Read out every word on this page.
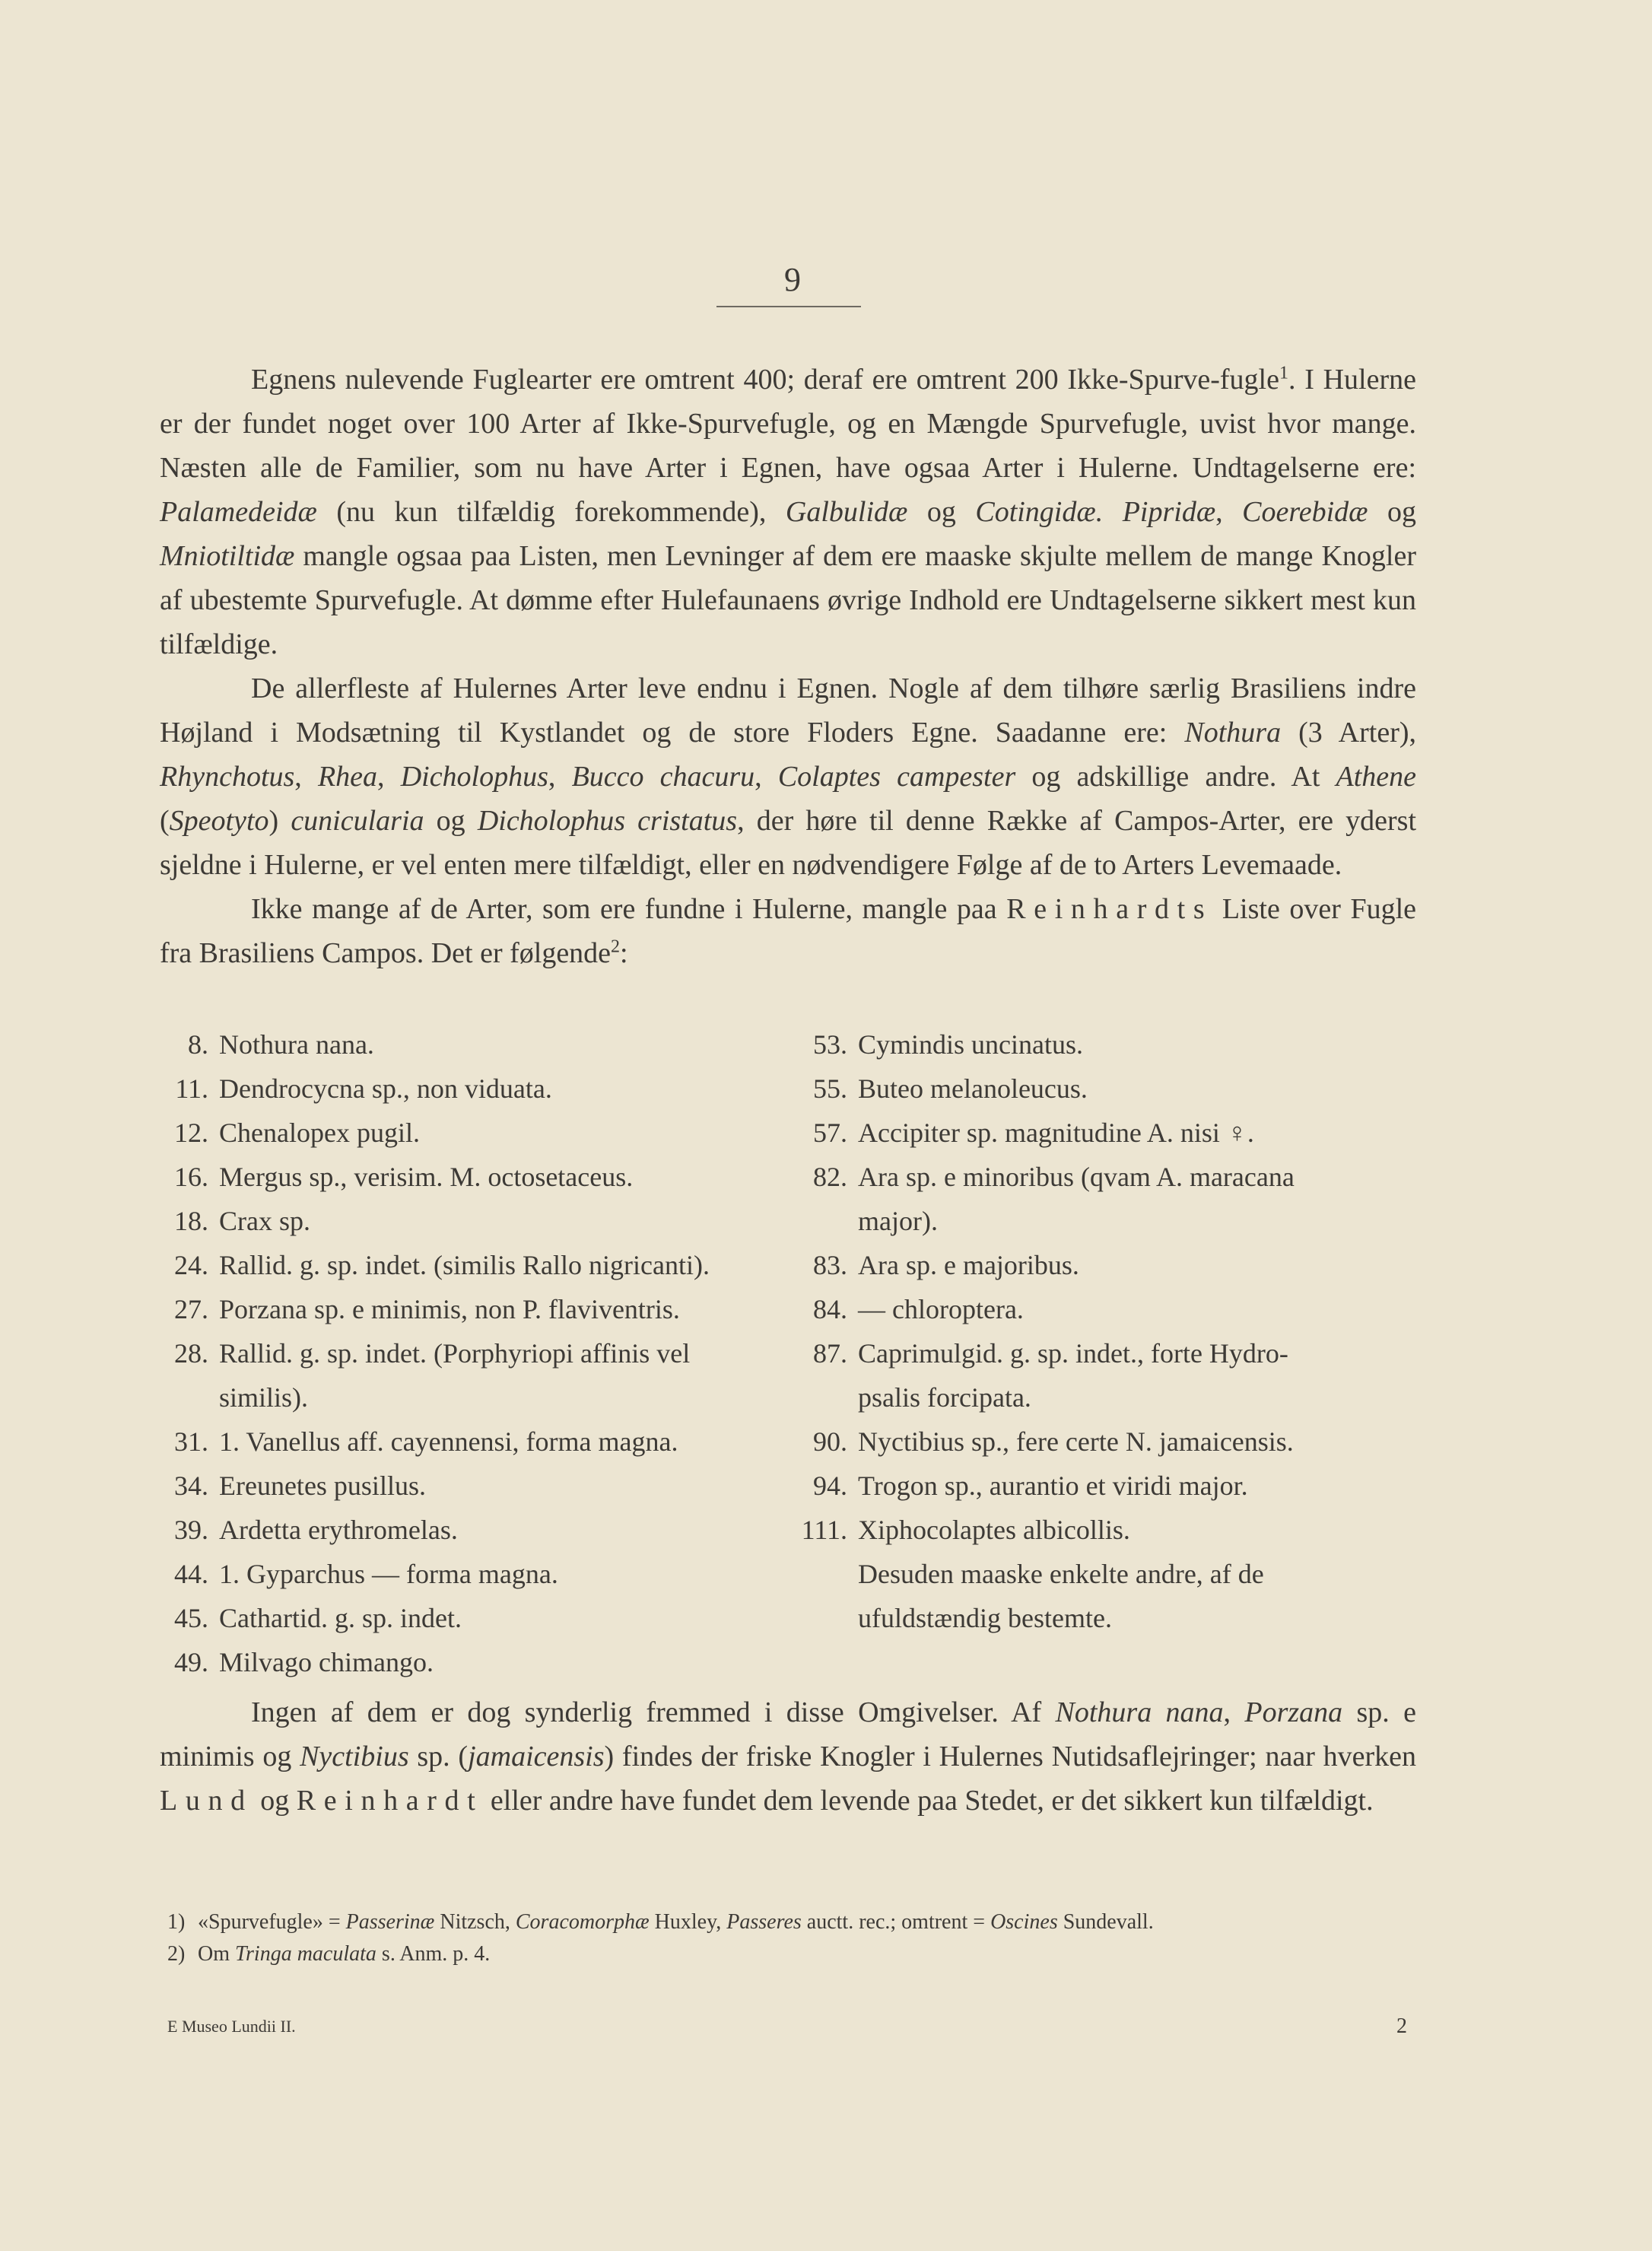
9

Egnens nulevende Fuglearter ere omtrent 400; deraf ere omtrent 200 Ikke-Spurve-fugle$^1$. I Hulerne er der fundet noget over 100 Arter af Ikke-Spurvefugle, og en Mængde Spurvefugle, uvist hvor mange. Næsten alle de Familier, som nu have Arter i Egnen, have ogsaa Arter i Hulerne. Undtagelserne ere: Palamedeidæ (nu kun tilfældig forekommende), Galbulidæ og Cotingidæ. Pipridæ, Coerebidæ og Mniotiltidæ mangle ogsaa paa Listen, men Levninger af dem ere maaske skjulte mellem de mange Knogler af ubestemte Spurvefugle. At dømme efter Hulefaunaens øvrige Indhold ere Undtagelserne sikkert mest kun tilfældige.

De allerfleste af Hulernes Arter leve endnu i Egnen. Nogle af dem tilhøre særlig Brasiliens indre Højland i Modsætning til Kystlandet og de store Floders Egne. Saadanne ere: Nothura (3 Arter), Rhynchotus, Rhea, Dicholophus, Bucco chacuru, Colaptes campester og adskillige andre. At Athene (Speotyto) cunicularia og Dicholophus cristatus, der høre til denne Række af Campos-Arter, ere yderst sjeldne i Hulerne, er vel enten mere tilfældigt, eller en nødvendigere Følge af de to Arters Levemaade.

Ikke mange af de Arter, som ere fundne i Hulerne, mangle paa Reinhardts Liste over Fugle fra Brasiliens Campos. Det er følgende$^2$:

8. Nothura nana.
11. Dendrocycna sp., non viduata.
12. Chenalopex pugil.
16. Mergus sp., verisim. M. octosetaceus.
18. Crax sp.
24. Rallid. g. sp. indet. (similis Rallo nigricanti).
27. Porzana sp. e minimis, non P. flaviventris.
28. Rallid. g. sp. indet. (Porphyriopi affinis vel
similis).
31. 1. Vanellus aff. cayennensi, forma magna.
34. Ereunetes pusillus.
39. Ardetta erythromelas.
44. 1. Gyparchus — forma magna.
45. Cathartid. g. sp. indet.
49. Milvago chimango.
53. Cymindis uncinatus.
55. Buteo melanoleucus.
57. Accipiter sp. magnitudine A. nisi ♀.
82. Ara sp. e minoribus (qvam A. maracana
major).
83. Ara sp. e majoribus.
84. — chloroptera.
87. Caprimulgid. g. sp. indet., forte Hydro-
psalis forcipata.
90. Nyctibius sp., fere certe N. jamaicensis.
94. Trogon sp., aurantio et viridi major.
111. Xiphocolaptes albicollis.
Desuden maaske enkelte andre, af de
ufuldstændig bestemte.

Ingen af dem er dog synderlig fremmed i disse Omgivelser. Af Nothura nana, Porzana sp. e minimis og Nyctibius sp. (jamaicensis) findes der friske Knogler i Hulernes Nutidsaflejringer; naar hverken Lund og Reinhardt eller andre have fundet dem levende paa Stedet, er det sikkert kun tilfældigt.

1) «Spurvefugle» = Passerinæ Nitzsch, Coracomorphæ Huxley, Passeres auctt. rec.; omtrent = Oscines Sundevall.
2) Om Tringa maculata s. Anm. p. 4.
E Museo Lundii II.	2
